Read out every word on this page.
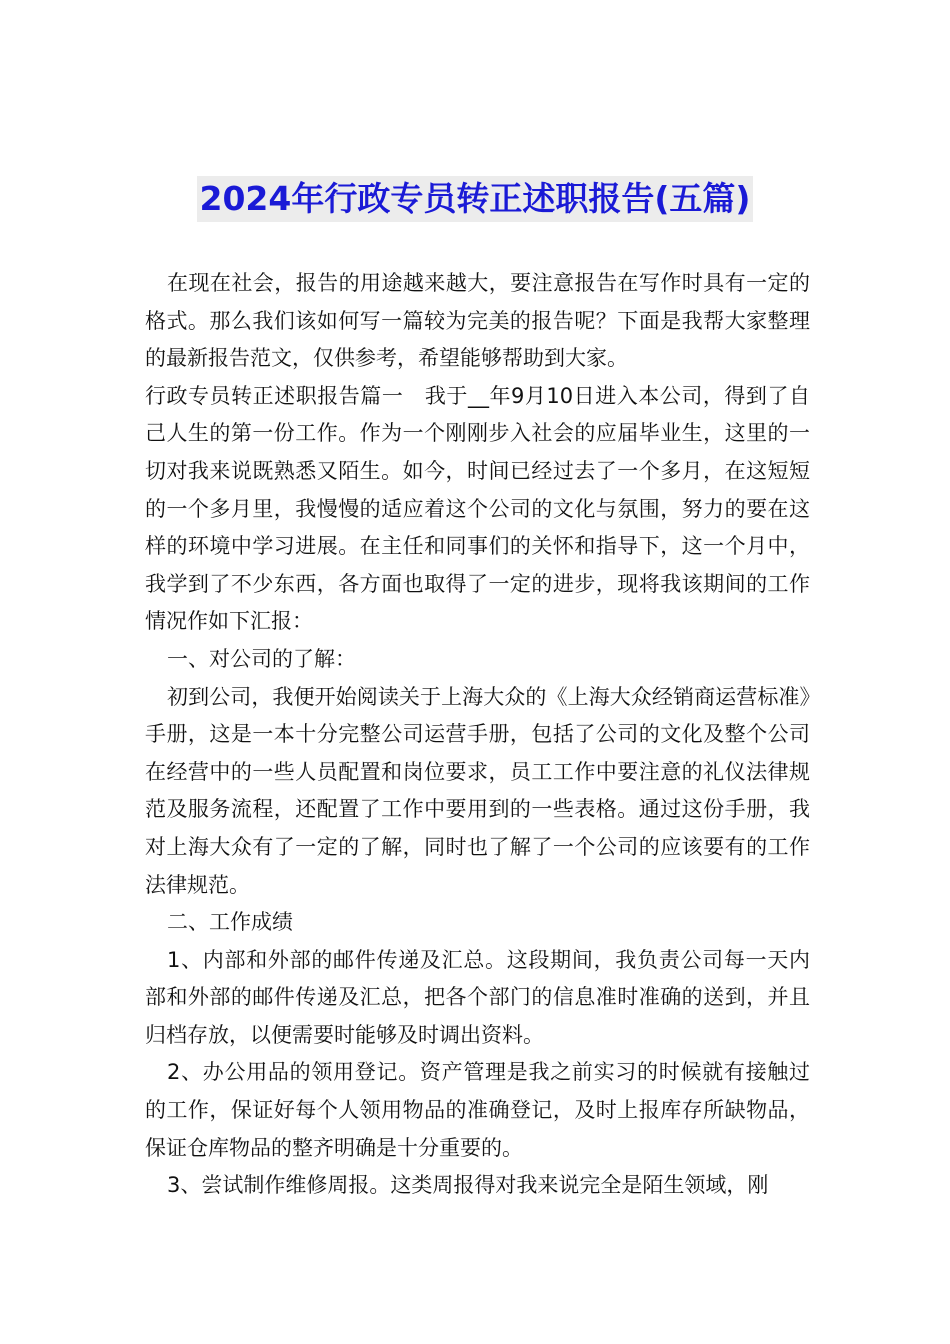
2024年行政专员转正述职报告(五篇)

在现在社会，报告的用途越来越大，要注意报告在写作时具有一定的格式。那么我们该如何写一篇较为完美的报告呢？下面是我帮大家整理的最新报告范文，仅供参考，希望能够帮助到大家。

行政专员转正述职报告篇一　我于__年9月10日进入本公司，得到了自己人生的第一份工作。作为一个刚刚步入社会的应届毕业生，这里的一切对我来说既熟悉又陌生。如今，时间已经过去了一个多月，在这短短的一个多月里，我慢慢的适应着这个公司的文化与氛围，努力的要在这样的环境中学习进展。在主任和同事们的关怀和指导下，这一个月中，我学到了不少东西，各方面也取得了一定的进步，现将我该期间的工作情况作如下汇报：

一、对公司的了解：

初到公司，我便开始阅读关于上海大众的《上海大众经销商运营标准》手册，这是一本十分完整公司运营手册，包括了公司的文化及整个公司在经营中的一些人员配置和岗位要求，员工工作中要注意的礼仪法律规范及服务流程，还配置了工作中要用到的一些表格。通过这份手册，我对上海大众有了一定的了解，同时也了解了一个公司的应该要有的工作法律规范。

二、工作成绩

1、内部和外部的邮件传递及汇总。这段期间，我负责公司每一天内部和外部的邮件传递及汇总，把各个部门的信息准时准确的送到，并且归档存放，以便需要时能够及时调出资料。

2、办公用品的领用登记。资产管理是我之前实习的时候就有接触过的工作，保证好每个人领用物品的准确登记，及时上报库存所缺物品，保证仓库物品的整齐明确是十分重要的。

3、尝试制作维修周报。这类周报得对我来说完全是陌生领域，刚
